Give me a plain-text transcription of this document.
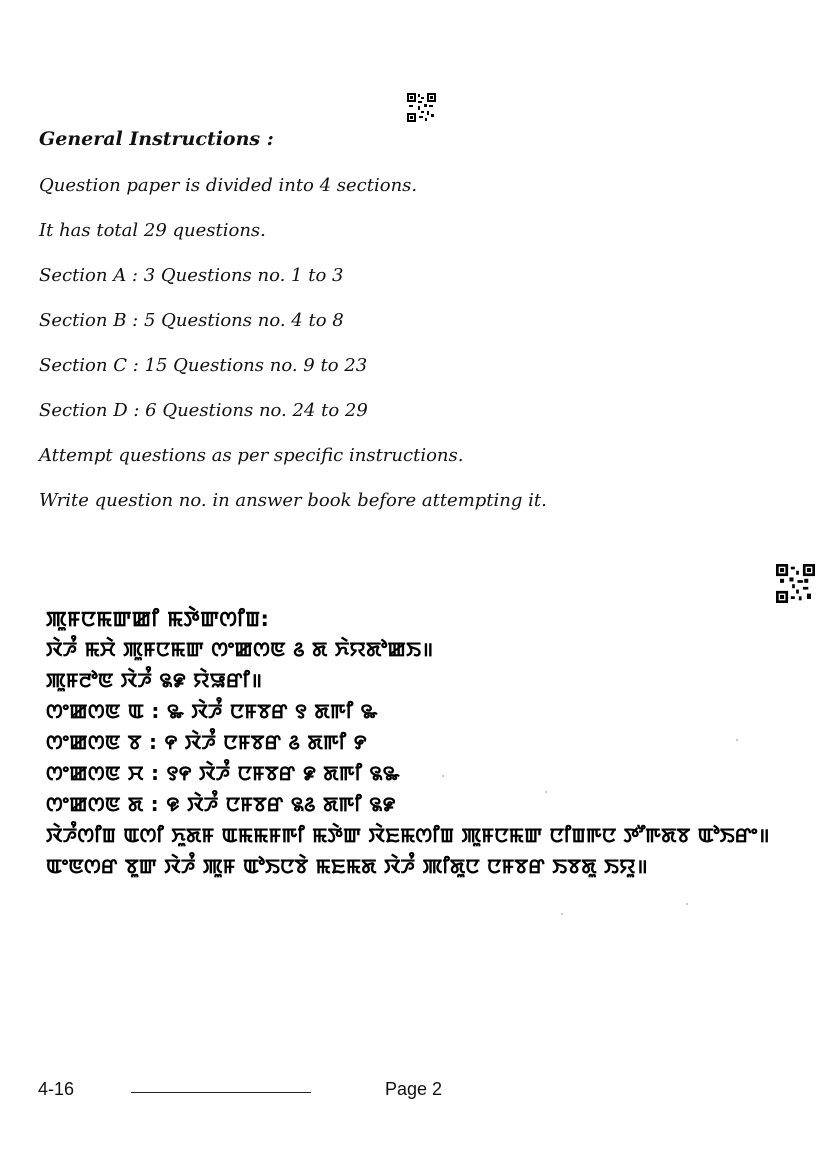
General Instructions :
Question paper is divided into 4 sections.
It has total 29 questions.
Section A : 3 Questions no. 1 to 3
Section B : 5 Questions no. 4 to 8
Section C : 15 Questions no. 9 to 23
Section D : 6 Questions no. 24 to 29
Attempt questions as per specific instructions.
Write question no. in answer book before attempting it.
ꯄꯨꯝꯅꯃꯛꯀꯤ ꯃꯇꯥꯛꯁꯤꯡ:
ꯋꯥꯍꯪ ꯃꯆꯥ ꯄꯨꯝꯅꯃꯛ ꯁꯦꯀꯁꯟ ꯴ ꯗ ꯈꯥꯌꯗꯣꯀꯏ॥
ꯄꯨꯝꯂꯣꯟ ꯋꯥꯍꯪ ꯲꯹ ꯌꯥꯎꯔꯤ॥
ꯁꯦꯀꯁꯟ ꯑ : ꯳ ꯋꯥꯍꯪ ꯅꯝꯕꯔ ꯱ ꯗꯒꯤ ꯳
ꯁꯦꯀꯁꯟ ꯕ : ꯵ ꯋꯥꯍꯪ ꯅꯝꯕꯔ ꯴ ꯗꯒꯤ ꯸
ꯁꯦꯀꯁꯟ ꯆ : ꯱꯵ ꯋꯥꯍꯪ ꯅꯝꯕꯔ ꯹ ꯗꯒꯤ ꯲꯳
ꯁꯦꯀꯁꯟ ꯗ : ꯶ ꯋꯥꯍꯪ ꯅꯝꯕꯔ ꯲꯴ ꯗꯒꯤ ꯲꯹
ꯋꯥꯍꯪꯁꯤꯡ ꯑꯁꯤ ꯈꯨꯗꯝ ꯑꯃꯃꯝꯒꯤ ꯃꯇꯥꯛ ꯋꯥꯐꯃꯁꯤꯡ ꯄꯨꯝꯅꯃꯛ ꯅꯤꯡꯒꯅ ꯇꯧꯒꯗꯕ ꯑꯣꯏꯔꯦ॥
ꯑꯦꯟꯁꯔ ꯕꯨꯛ ꯋꯥꯍꯪ ꯄꯨꯝ ꯑꯣꯏꯅꯕꯥ ꯃꯐꯃꯗ ꯋꯥꯍꯪ ꯄꯤꯗꯨꯅ ꯅꯝꯕꯔ ꯏꯕꯗꯨ ꯏꯌꯨ॥
4-16	Page 2
